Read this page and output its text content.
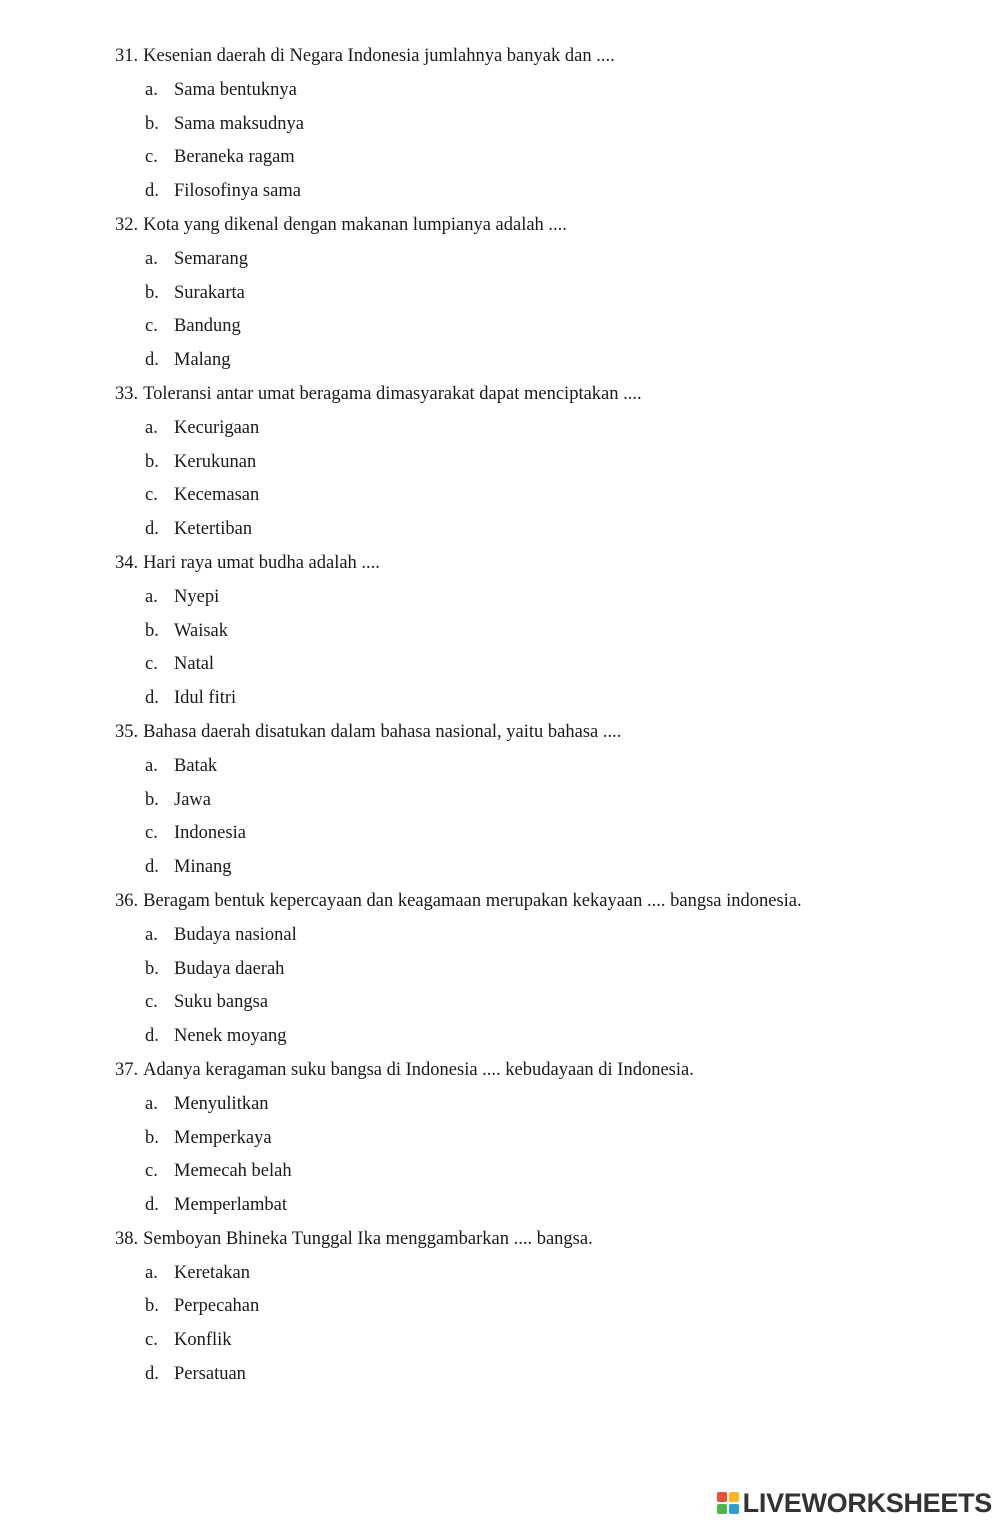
31. Kesenian daerah di Negara Indonesia jumlahnya banyak dan ....
a. Sama bentuknya
b. Sama maksudnya
c. Beraneka ragam
d. Filosofinya sama
32. Kota yang dikenal dengan makanan lumpianya adalah ....
a. Semarang
b. Surakarta
c. Bandung
d. Malang
33. Toleransi antar umat beragama dimasyarakat dapat menciptakan ....
a. Kecurigaan
b. Kerukunan
c. Kecemasan
d. Ketertiban
34. Hari raya umat budha adalah ....
a. Nyepi
b. Waisak
c. Natal
d. Idul fitri
35. Bahasa daerah disatukan dalam bahasa nasional, yaitu bahasa ....
a. Batak
b. Jawa
c. Indonesia
d. Minang
36. Beragam bentuk kepercayaan dan keagamaan merupakan kekayaan .... bangsa indonesia.
a. Budaya nasional
b. Budaya daerah
c. Suku bangsa
d. Nenek moyang
37. Adanya keragaman suku bangsa di Indonesia .... kebudayaan di Indonesia.
a. Menyulitkan
b. Memperkaya
c. Memecah belah
d. Memperlambat
38. Semboyan Bhineka Tunggal Ika menggambarkan .... bangsa.
a. Keretakan
b. Perpecahan
c. Konflik
d. Persatuan
LIVEWORKSHEETS
